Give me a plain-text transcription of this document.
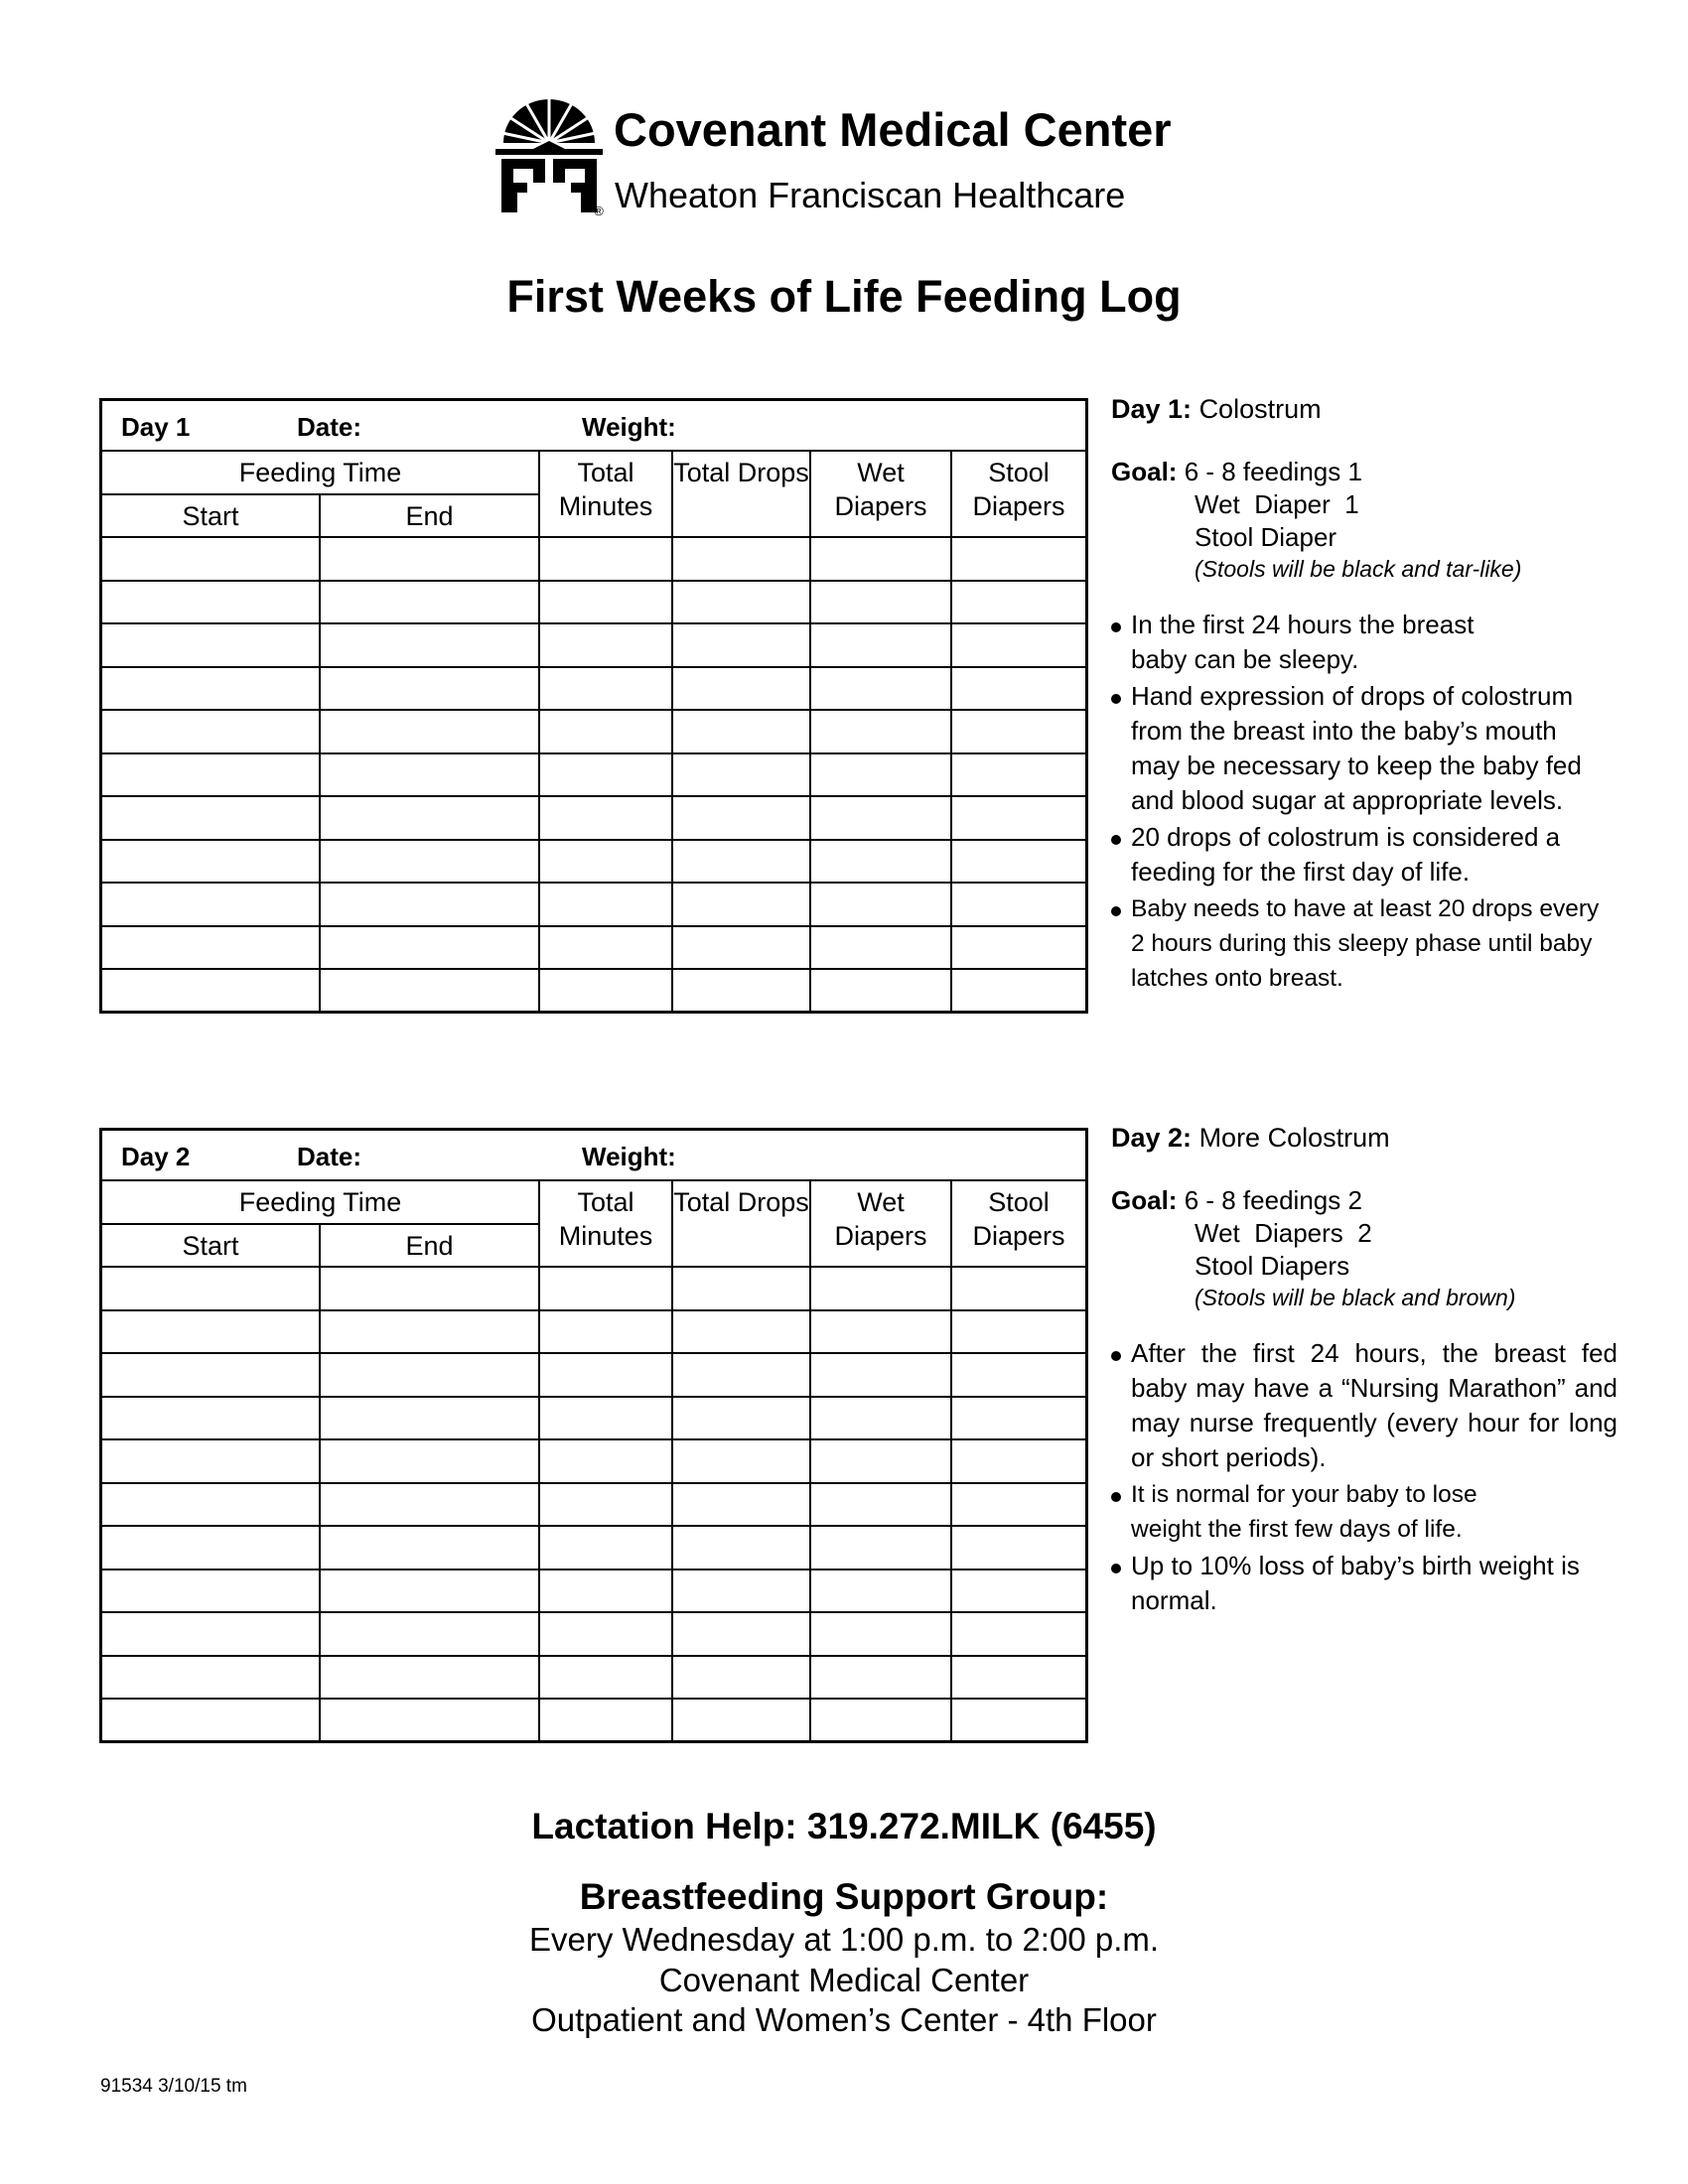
®
Covenant Medical Center
Wheaton Franciscan Healthcare
First Weeks of Life Feeding Log
Day 1	Date:	Weight:
Feeding Time		Total Minutes	Total Drops	Wet Diapers	Stool Diapers
Start	End				

Day 1: Colostrum
Goal: 6 - 8 feedings 1
Wet  Diaper  1
Stool Diaper
(Stools will be black and tar-like)
In the first 24 hours the breast baby can be sleepy.
Hand expression of drops of colostrum from the breast into the baby’s mouth may be necessary to keep the baby fed and blood sugar at appropriate levels.
20 drops of colostrum is considered a feeding for the first day of life.
Baby needs to have at least 20 drops every 2 hours during this sleepy phase until baby latches onto breast.
Day 2	Date:	Weight:
Feeding Time		Total Minutes	Total Drops	Wet Diapers	Stool Diapers
Start	End				

Day 2: More Colostrum
Goal: 6 - 8 feedings 2
Wet  Diapers  2
Stool Diapers
(Stools will be black and brown)
After the first 24 hours, the breast fed baby may have a “Nursing Marathon” and may nurse frequently (every hour for long or short periods).
It is normal for your baby to lose weight the first few days of life.
Up to 10% loss of baby’s birth weight is normal.
Lactation Help: 319.272.MILK (6455)
Breastfeeding Support Group:
Every Wednesday at 1:00 p.m. to 2:00 p.m.
Covenant Medical Center
Outpatient and Women’s Center - 4th Floor
91534 3/10/15 tm
